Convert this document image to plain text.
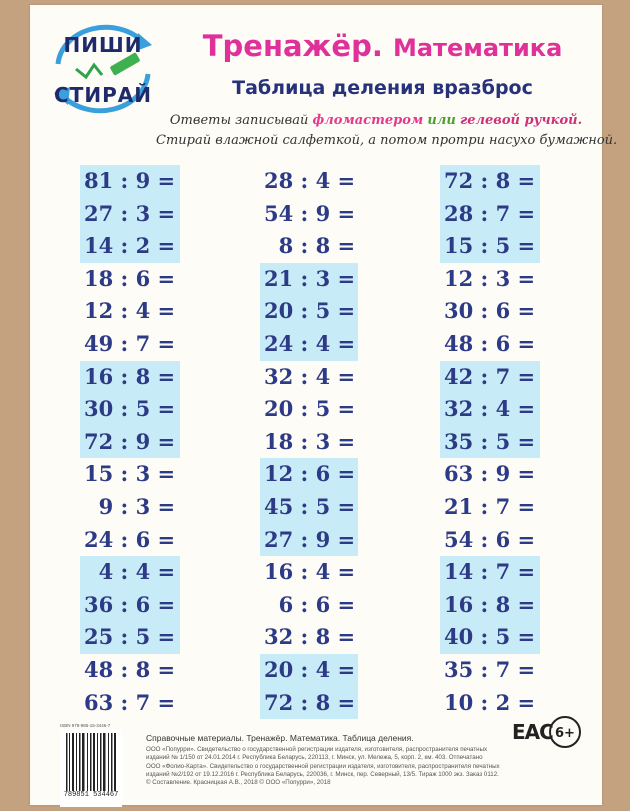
ПИШИ
СТИРАЙ
Тренажёр. Математика
Таблица деления вразброс
Ответы записывай фломастером или гелевой ручкой.
Стирай влажной салфеткой, а потом протри насухо бумажной.
81 : 9 =
27 : 3 =
14 : 2 =
18 : 6 =
12 : 4 =
49 : 7 =
16 : 8 =
30 : 5 =
72 : 9 =
15 : 3 =
9 : 3 =
24 : 6 =
4 : 4 =
36 : 6 =
25 : 5 =
48 : 8 =
63 : 7 =
28 : 4 =
54 : 9 =
8 : 8 =
21 : 3 =
20 : 5 =
24 : 4 =
32 : 4 =
20 : 5 =
18 : 3 =
12 : 6 =
45 : 5 =
27 : 9 =
16 : 4 =
6 : 6 =
32 : 8 =
20 : 4 =
72 : 8 =
72 : 8 =
28 : 7 =
15 : 5 =
12 : 3 =
30 : 6 =
48 : 6 =
42 : 7 =
32 : 4 =
35 : 5 =
63 : 9 =
21 : 7 =
54 : 6 =
14 : 7 =
16 : 8 =
40 : 5 =
35 : 7 =
10 : 2 =
789851 534467
ISBN 978-985-15-3446-7
Справочные материалы. Тренажёр. Математика. Таблица деления.
ООО «Попурри». Свидетельство о государственной регистрации издателя, изготовителя, распространителя печатных
изданий № 1/150 от 24.01.2014 г. Республика Беларусь, 220113, г. Минск, ул. Мележа, 5, корп. 2, км. 403. Отпечатано
ООО «Фолио-Карта». Свидетельство о государственной регистрации издателя, изготовителя, распространителя печатных
изданий №2/192 от 19.12.2016 г. Республика Беларусь, 220036, г. Минск, пер. Северный, 13/5. Тираж 1000 экз. Заказ 0112.
© Составление. Красницкая А.В., 2018 © ООО «Попурри», 2018
EAC 6+
